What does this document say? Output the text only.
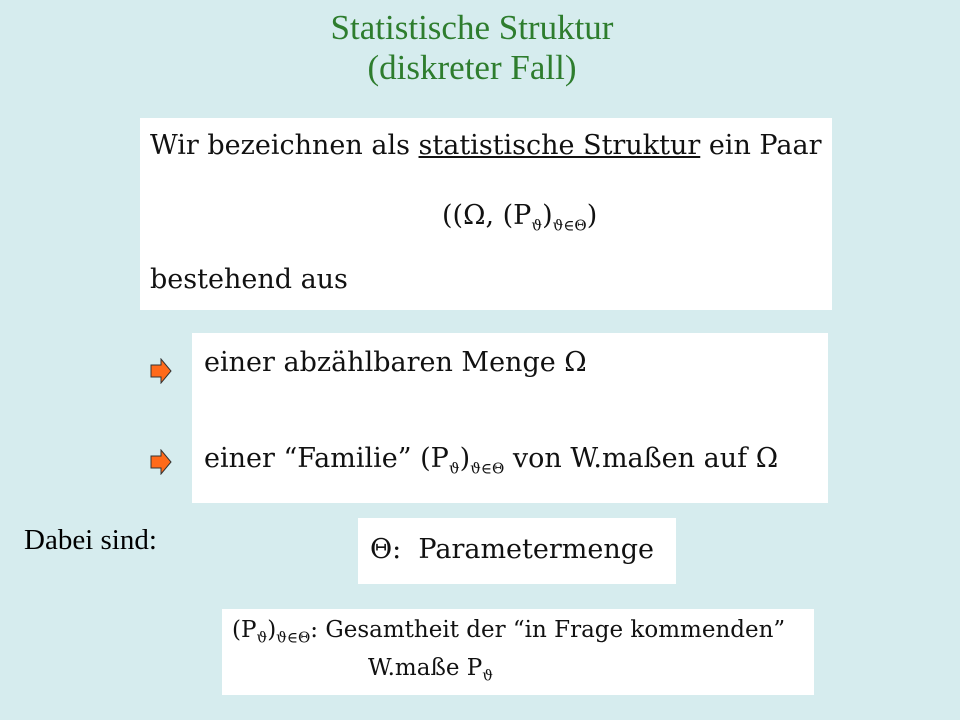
Statistische Struktur
(diskreter Fall)
Wir bezeichnen als statistische Struktur ein Paar
((Ω, $(P_ϑ)_{ϑ\in\Theta}$)
bestehend aus
einer abzählbaren Menge Ω
einer “Familie” $(P_ϑ)_{ϑ\in\Theta}$ von W.maßen auf Ω
Dabei sind:	Θ:  Parametermenge
$(P_ϑ)_{ϑ\in\Theta}$: Gesamtheit der “in Frage kommenden”
W.maße $P_ϑ$
